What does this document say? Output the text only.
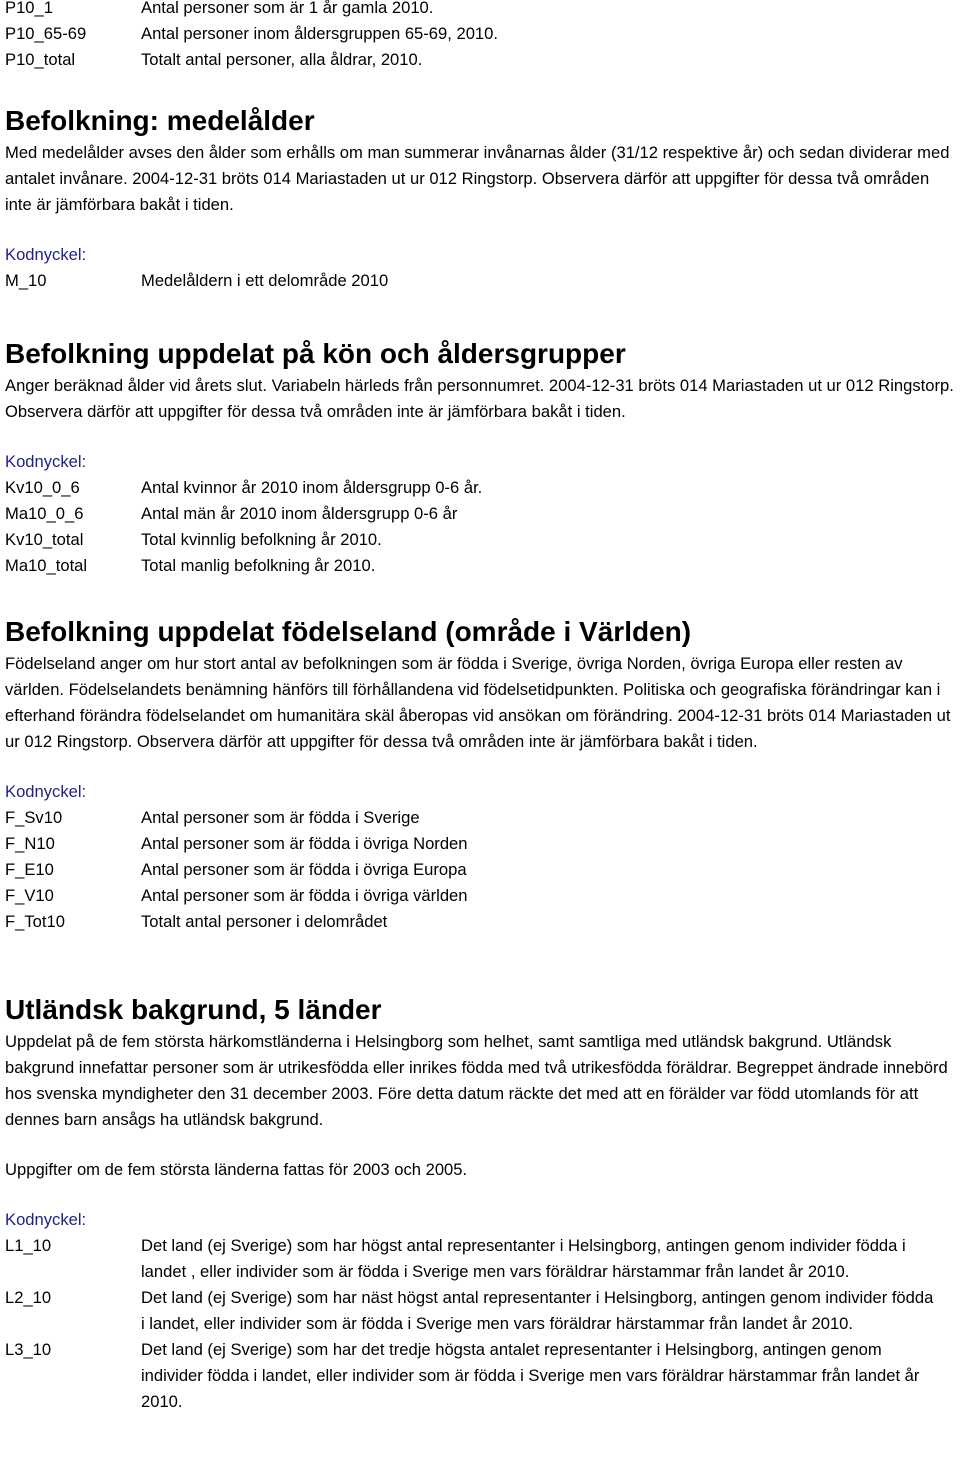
P10_1	Antal personer som är 1 år gamla 2010.
P10_65-69	Antal personer inom åldersgruppen 65-69, 2010.
P10_total	Totalt antal personer, alla åldrar, 2010.
Befolkning: medelålder

Med medelålder avses den ålder som erhålls om man summerar invånarnas ålder (31/12 respektive år) och sedan dividerar med antalet invånare. 2004-12-31 bröts 014 Mariastaden ut ur 012 Ringstorp. Observera därför att uppgifter för dessa två områden inte är jämförbara bakåt i tiden.

Kodnyckel:

M_10	Medelåldern i ett delområde 2010
Befolkning uppdelat på kön och åldersgrupper

Anger beräknad ålder vid årets slut. Variabeln härleds från personnumret. 2004-12-31 bröts 014 Mariastaden ut ur 012 Ringstorp. Observera därför att uppgifter för dessa två områden inte är jämförbara bakåt i tiden.

Kodnyckel:

Kv10_0_6	Antal kvinnor år 2010 inom åldersgrupp 0-6 år.
Ma10_0_6	Antal män år 2010 inom åldersgrupp 0-6 år
Kv10_total	Total kvinnlig befolkning år 2010.
Ma10_total	Total manlig befolkning år 2010.
Befolkning uppdelat födelseland (område i Världen)

Födelseland anger om hur stort antal av befolkningen som är födda i Sverige, övriga Norden, övriga Europa eller resten av världen. Födelselandets benämning hänförs till förhållandena vid födelsetidpunkten. Politiska och geografiska förändringar kan i efterhand förändra födelselandet om humanitära skäl åberopas vid ansökan om förändring. 2004-12-31 bröts 014 Mariastaden ut ur 012 Ringstorp. Observera därför att uppgifter för dessa två områden inte är jämförbara bakåt i tiden.

Kodnyckel:

F_Sv10	Antal personer som är födda i Sverige
F_N10	Antal personer som är födda i övriga Norden
F_E10	Antal personer som är födda i övriga Europa
F_V10	Antal personer som är födda i övriga världen
F_Tot10	Totalt antal personer i delområdet
Utländsk bakgrund, 5 länder

Uppdelat på de fem största härkomstländerna i Helsingborg som helhet, samt samtliga med utländsk bakgrund. Utländsk bakgrund innefattar personer som är utrikesfödda eller inrikes födda med två utrikesfödda föräldrar. Begreppet ändrade innebörd hos svenska myndigheter den 31 december 2003. Före detta datum räckte det med att en förälder var född utomlands för att dennes barn ansågs ha utländsk bakgrund.

Uppgifter om de fem största länderna fattas för 2003 och 2005.

Kodnyckel:

L1_10	Det land (ej Sverige) som har högst antal representanter i Helsingborg, antingen genom individer födda i landet , eller individer som är födda i Sverige men vars föräldrar härstammar från landet år 2010.
L2_10	Det land (ej Sverige) som har näst högst antal representanter i Helsingborg, antingen genom individer födda i landet, eller individer som är födda i Sverige men vars föräldrar härstammar från landet år 2010.
L3_10	Det land (ej Sverige) som har det tredje högsta antalet representanter i Helsingborg, antingen genom individer födda i landet, eller individer som är födda i Sverige men vars föräldrar härstammar från landet år 2010.
